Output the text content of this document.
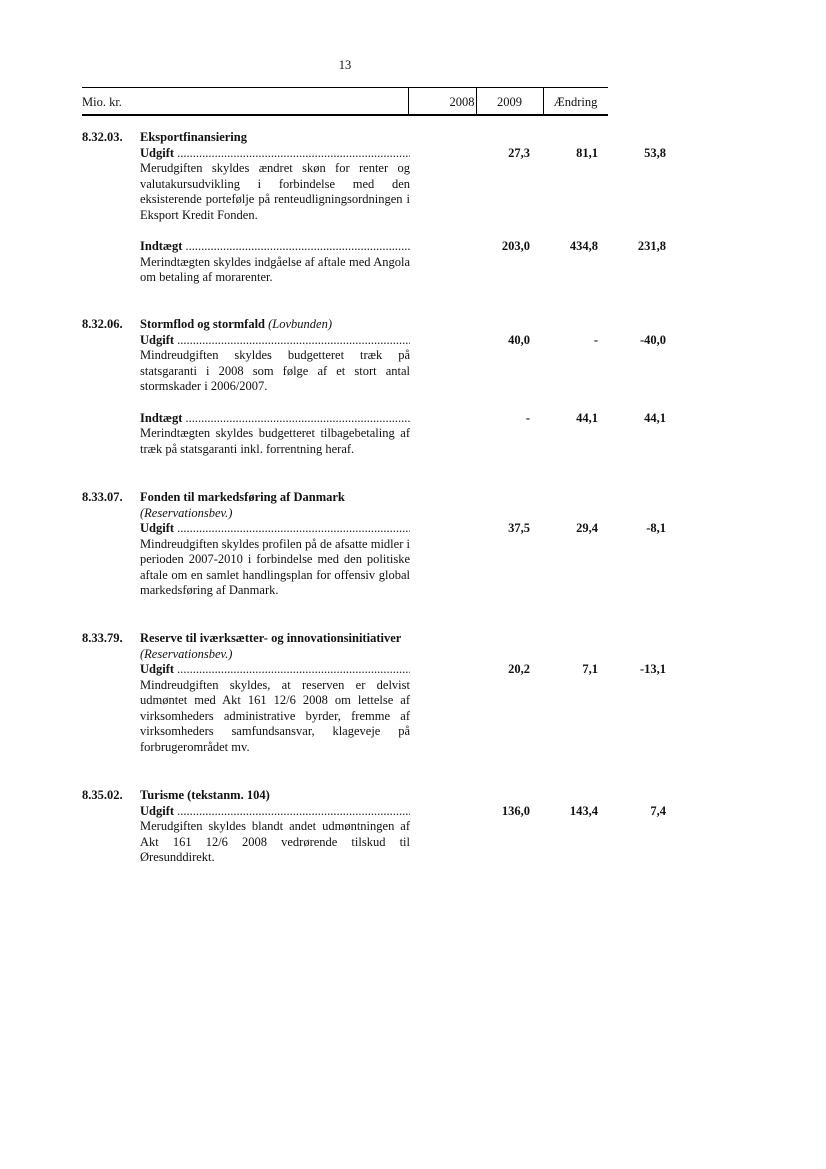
13
Mio. kr.	2008	2009	Ændring
8.32.03. Eksportfinansiering
Udgift .....	27,3	81,1	53,8
Merudgiften skyldes ændret skøn for renter og valutakursudvikling i forbindelse med den eksisterende portefølje på renteudligningsordningen i Eksport Kredit Fonden.
Indtægt .....	203,0	434,8	231,8
Merindtægten skyldes indgåelse af aftale med Angola om betaling af morarenter.
8.32.06. Stormflod og stormfald (Lovbunden)
Udgift .....	40,0	-	-40,0
Mindreudgiften skyldes budgetteret træk på statsgaranti i 2008 som følge af et stort antal stormskader i 2006/2007.
Indtægt .....	-	44,1	44,1
Merindtægten skyldes budgetteret tilbagebetaling af træk på statsgaranti inkl. forrentning heraf.
8.33.07. Fonden til markedsføring af Danmark (Reservationsbev.)
Udgift .....	37,5	29,4	-8,1
Mindreudgiften skyldes profilen på de afsatte midler i perioden 2007-2010 i forbindelse med den politiske aftale om en samlet handlingsplan for offensiv global markedsføring af Danmark.
8.33.79. Reserve til iværksætter- og innovationsinitiativer (Reservationsbev.)
Udgift .....	20,2	7,1	-13,1
Mindreudgiften skyldes, at reserven er delvist udmøntet med Akt 161 12/6 2008 om lettelse af virksomheders administrative byrder, fremme af virksomheders samfundsansvar, klageveje på forbrugerområdet mv.
8.35.02. Turisme (tekstanm. 104)
Udgift .....	136,0	143,4	7,4
Merudgiften skyldes blandt andet udmøntningen af Akt 161 12/6 2008 vedrørende tilskud til Øresunddirekt.
